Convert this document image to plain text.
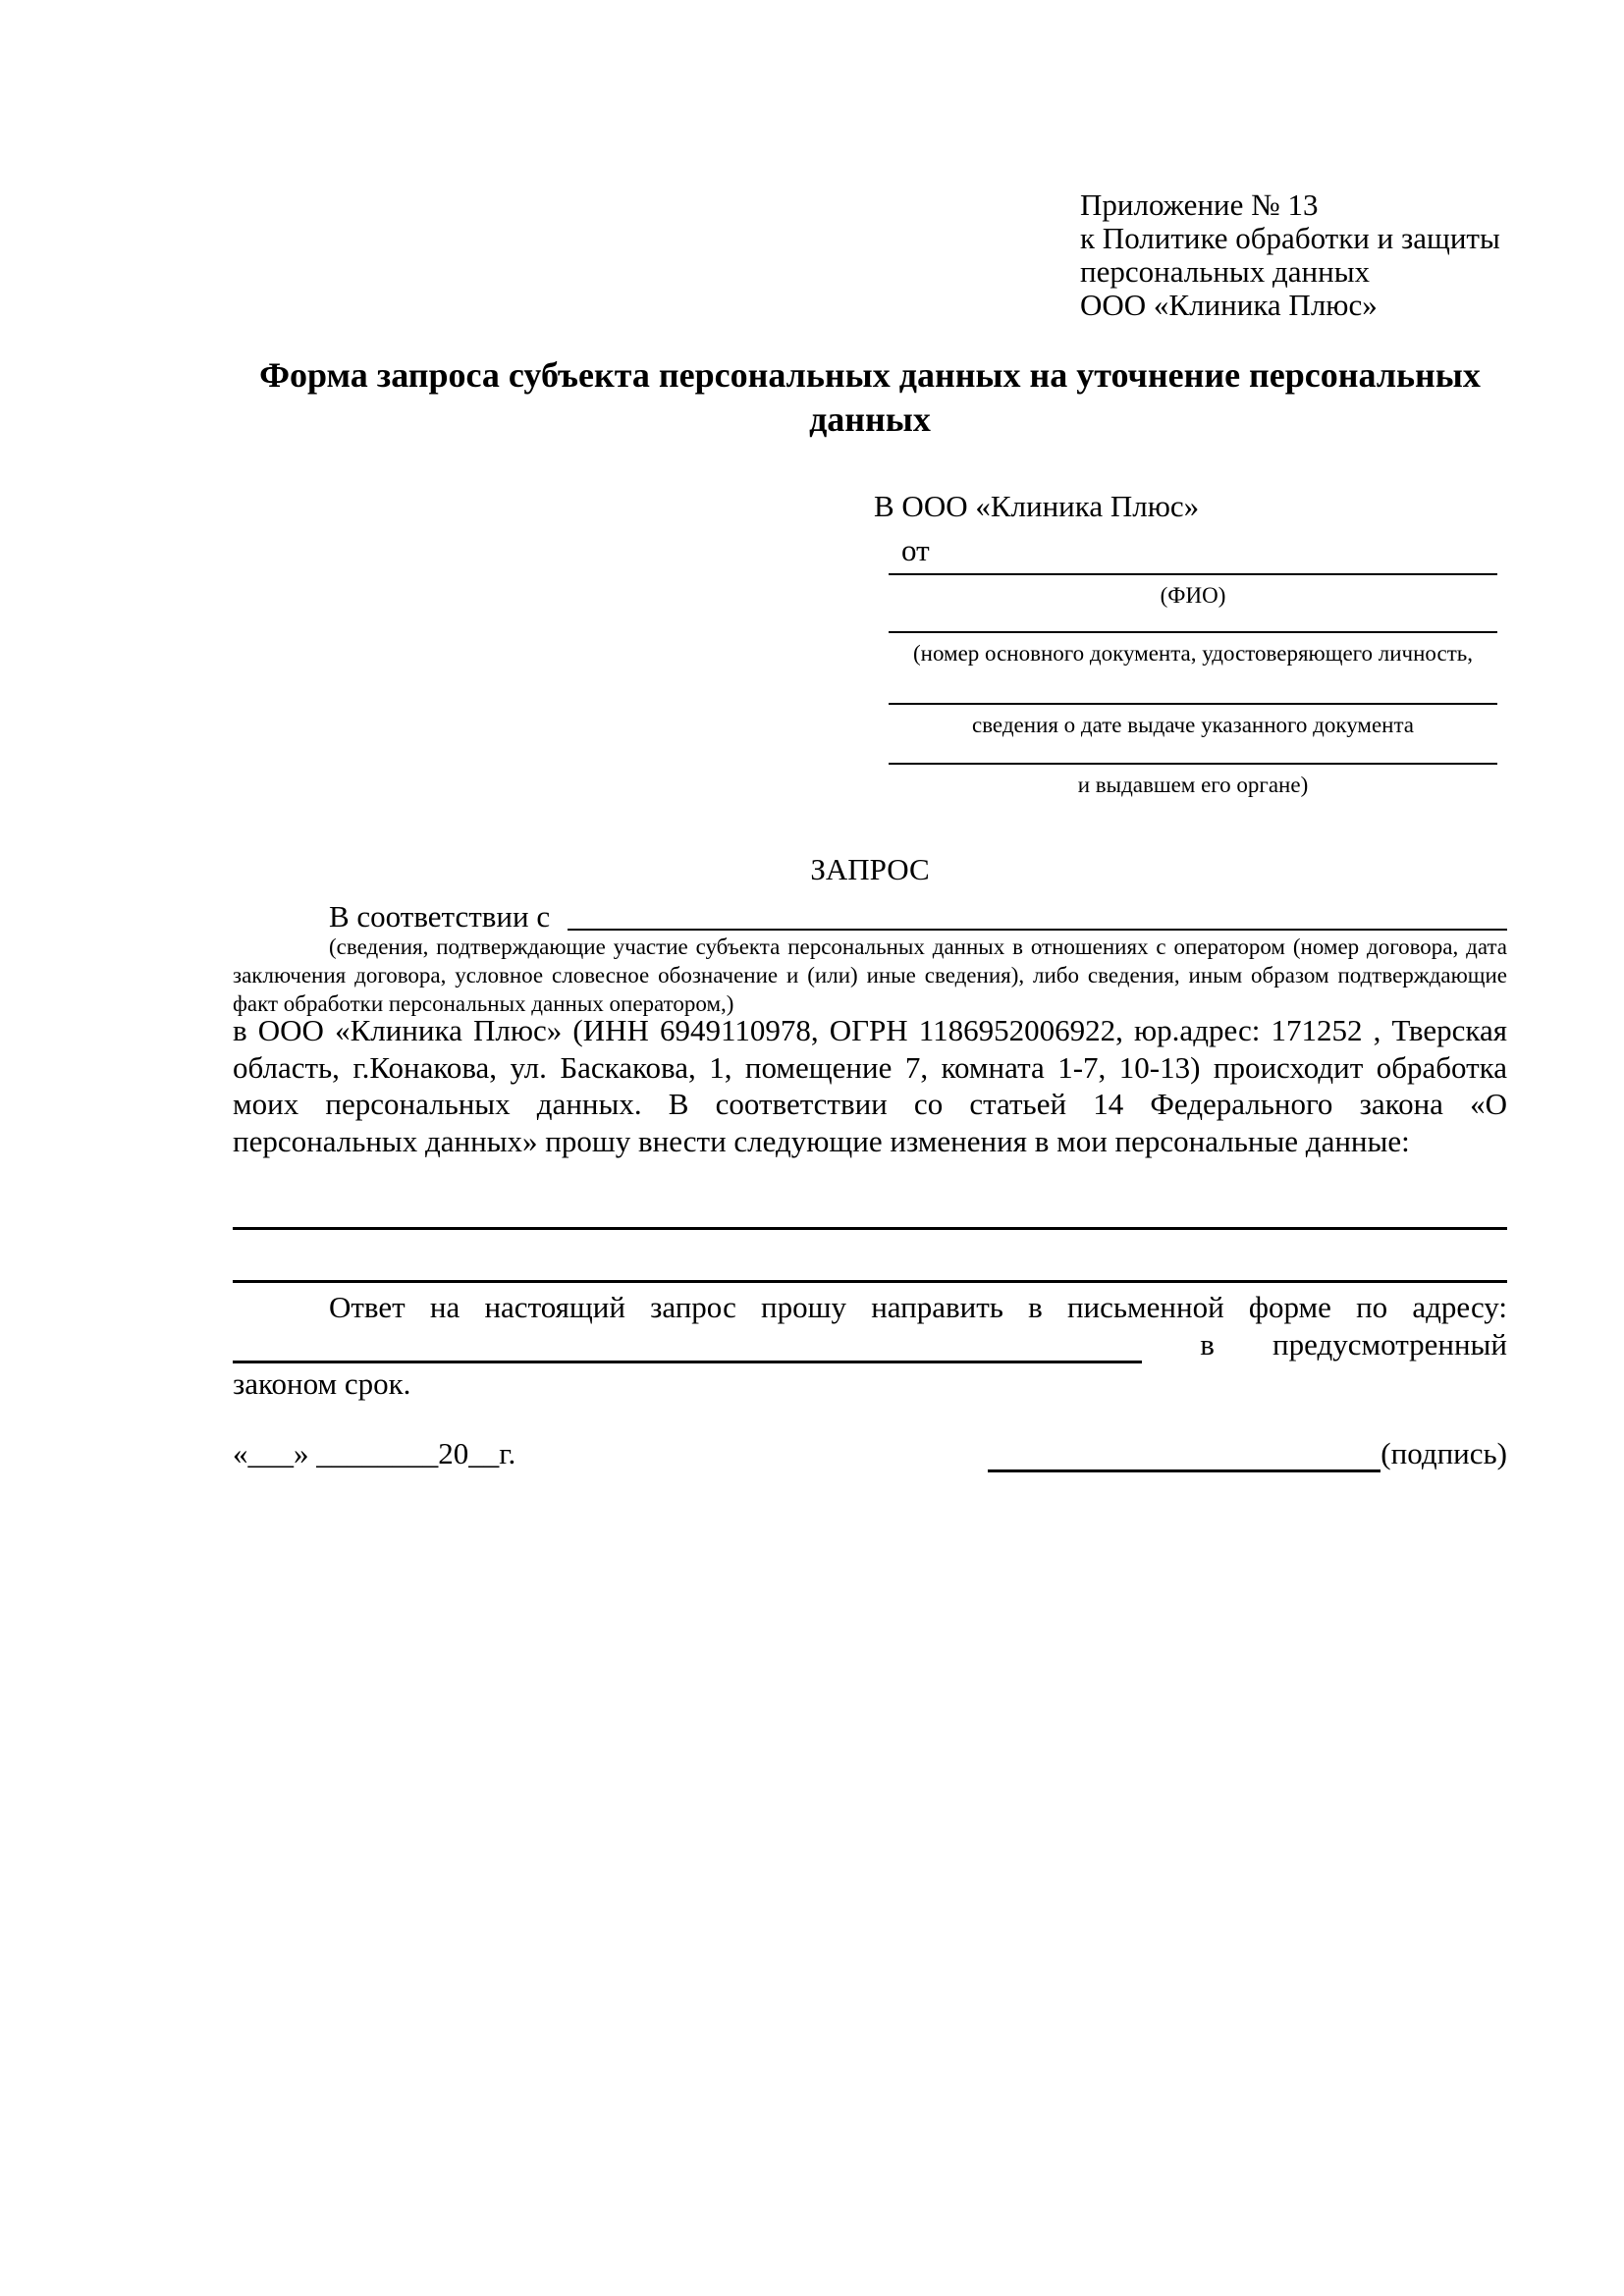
Приложение № 13
к Политике обработки и защиты
персональных данных
ООО «Клиника Плюс»
Форма запроса субъекта персональных данных на уточнение персональных данных
В ООО «Клиника Плюс»
от
(ФИО)
(номер основного документа, удостоверяющего личность,
сведения о дате выдаче указанного документа
и выдавшем его органе)
ЗАПРОС
В соответствии с
(сведения, подтверждающие участие субъекта персональных данных в отношениях с оператором (номер договора, дата заключения договора, условное словесное обозначение и (или) иные сведения), либо сведения, иным образом подтверждающие факт обработки персональных данных оператором,)
в ООО «Клиника Плюс» (ИНН 6949110978, ОГРН 1186952006922, юр.адрес: 171252 , Тверская область, г.Конакова, ул. Баскакова, 1, помещение 7, комната 1-7, 10-13) происходит обработка моих персональных данных. В соответствии со статьей 14 Федерального закона «О персональных данных» прошу внести следующие изменения в мои персональные данные:
Ответ на настоящий запрос прошу направить в письменной форме по адресу:
в предусмотренный
законом срок.
«___» ________20__г.	(подпись)
